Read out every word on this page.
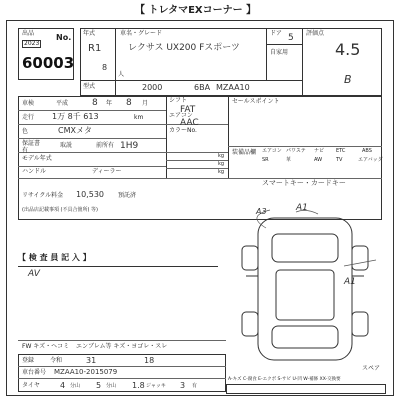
【 トレタマEXコーナー 】
出品
2023
No.
60003
年式
R1
8
車名・グレード
レクサス UX200 Fスポーツ
ドア 5
自家用
評価点
4.5
B
人
型式	2000	6BA MZAA10
車検	平成	8 年 8 月
走行 1万 8千 613	km
色	CMXメタ
保証書
有
取説	前所有
モデル年式
ハンドル	ディーラー
シフト
FAT
エアコン
AAC
カラーNo.
1H9
kg
kg
kg
セールスポイント
装備品欄 エアコン パワステ ナビ ETC	ABS
SR	革	AW	TV	エアバッグ
スマートキー・カードキー
リサイクル料金 10,530 預託済
(出品店記載事項 (不具合箇所) 等)
【 検 査 員 記 入 】
AV
FW キズ・ヘコミ エンブレム等 キズ・ヨゴレ・スレ
A3	A1
A1
スペア
A-キズ C-腐食 E-エクボ S-サビ U-凹 W-補修 XX-交換要
登録	令和	31	18
車台番号 MZAA10-2015079
タイヤ	4 分山 5 分山 1.8 ジャッキ 3 有
